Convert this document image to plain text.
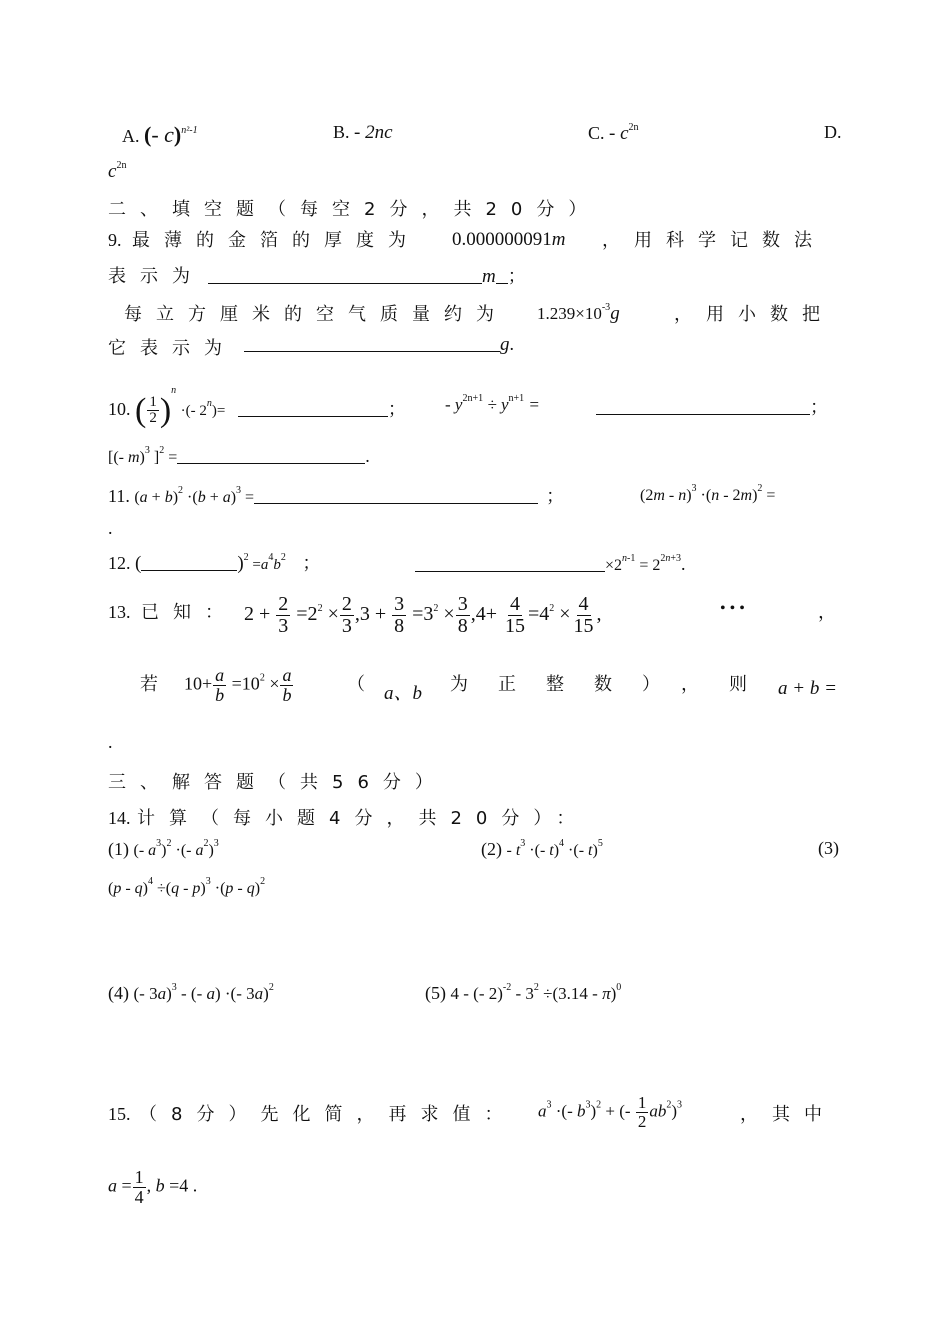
A. (- c)$^{n^2-1}$	B. - 2nc	C. - $c^{2n}$	D.
$c^{2n}$
二、填空题（每空2分，共20分）
9. 最薄的金箔的厚度为 0.000000091m ，用科学记数法
表示为	m ；
每立方厘米的空气质量约为 $1.239\times 10^{-3}g$	，用小数把
它表示为	g.
10. ( $\frac{1}{2} )^n$ ·(- $2^n)=$	； - $y^{2n+1} \div y^{n+1}$ =	；
[(- m)$^3$ ]$^2$ =	.
11. $(a + b)^2 \cdot(b + a)^3$ =	；	(2m - n)$^3$ ·(n - 2m)$^2$ =
.
12. (	)$^2 =a^4b^2$ ；	$\times 2^{n-1} = 2^{2n+3}$.
13. 已知： $2 + \frac{2}{3} =2^2 \times \frac{2}{3} ,3 + \frac{3}{8} =3^2 \times \frac{3}{8} ,4+ \frac{4}{15} =4^2 \times \frac{4}{15}$ ,	• • •	，
若 $10+ \frac{a}{b} =10^2 \times \frac{a}{b}$	（ a、b 为正整数），则 a + b =
.
三、解答题（共56分）
14. 计算（每小题4分，共20分）：
(1) (- $a^3)^2$ ·(- $a^2)^3$	$(2) - t^3$ ·(- t)$^4$ ·(- t)$^5$	(3)
(p - q)$^4$ ÷(q - p)$^3$ ·(p - q)$^2$
(4) (- 3a)$^3$ - (- a) ·(- 3a)$^2$	(5) 4 - (- $2)^{-2} - 3^2 \div(3.14 - \pi)^0$
15. （8分）先化简，再求值： $a^3$ ·(- $b^3)^2$ + (- $\frac{1}{2} ab^2)^3$	，其中
$a = \frac{1}{4}$ , b =4 .
